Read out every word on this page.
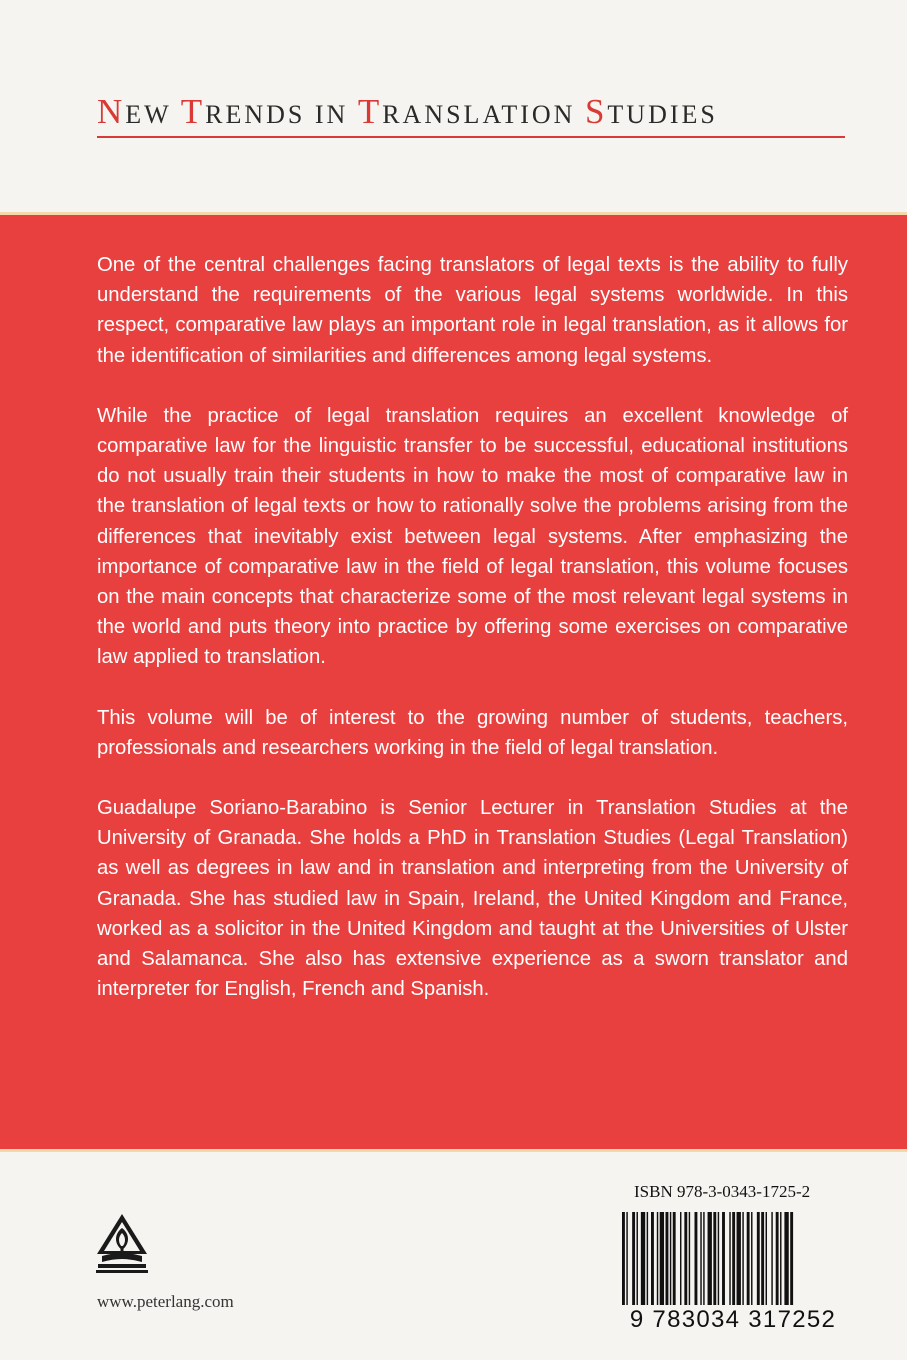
NEW TRENDS IN TRANSLATION STUDIES

One of the central challenges facing translators of legal texts is the ability to fully understand the requirements of the various legal systems worldwide. In this respect, comparative law plays an important role in legal translation, as it allows for the identification of similarities and differences among legal systems.

While the practice of legal translation requires an excellent knowledge of comparative law for the linguistic transfer to be successful, educational institutions do not usually train their students in how to make the most of comparative law in the translation of legal texts or how to rationally solve the problems arising from the differences that inevitably exist between legal systems. After emphasizing the importance of comparative law in the field of legal translation, this volume focuses on the main concepts that characterize some of the most relevant legal systems in the world and puts theory into practice by offering some exercises on comparative law applied to translation.

This volume will be of interest to the growing number of students, teachers, professionals and researchers working in the field of legal translation.

Guadalupe Soriano-Barabino is Senior Lecturer in Translation Studies at the University of Granada. She holds a PhD in Translation Studies (Legal Translation) as well as degrees in law and in translation and interpreting from the University of Granada. She has studied law in Spain, Ireland, the United Kingdom and France, worked as a solicitor in the United Kingdom and taught at the Universities of Ulster and Salamanca. She also has extensive experience as a sworn translator and interpreter for English, French and Spanish.

www.peterlang.com
ISBN 978-3-0343-1725-2
9 783034 317252
